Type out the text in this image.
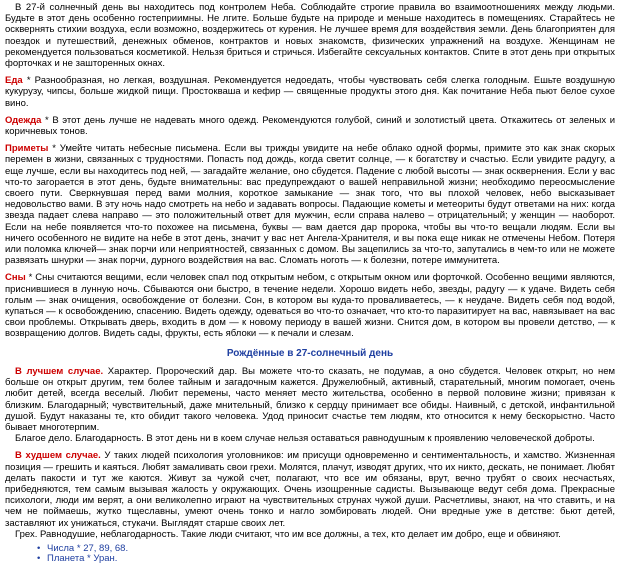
В 27-й солнечный день вы находитесь под контролем Неба. Соблюдайте строгие правила во взаимоотношениях между людьми. Будьте в этот день особенно гостеприимны. Не лгите. Больше будьте на природе и меньше находитесь в помещениях. Старайтесь не осквернять стихии воздуха, если возможно, воздержитесь от курения. Не лучшее время для воздействия земли. День благоприятен для поездок и путешествий, денежных обменов, контрактов и новых знакомств, физических упражнений на воздухе. Женщинам не рекомендуется пользоваться косметикой. Нельзя бриться и стричься. Избегайте сексуальных контактов. Спите в этот день при открытых форточках и не зашторенных окнах.

Еда * Разнообразная, но легкая, воздушная. Рекомендуется недоедать, чтобы чувствовать себя слегка голодным. Ешьте воздушную кукурузу, чипсы, больше жидкой пищи. Простокваша и кефир — священные продукты этого дня. Как почитание Неба пьют белое сухое вино.

Одежда * В этот день лучше не надевать много одежд. Рекомендуются голубой, синий и золотистый цвета. Откажитесь от зеленых и коричневых тонов.

Приметы * Умейте читать небесные письмена. Если вы трижды увидите на небе облако одной формы, примите это как знак скорых перемен в жизни, связанных с трудностями. Попасть под дождь, когда светит солнце, — к богатству и счастью. Если увидите радугу, а еще лучше, если вы находитесь под ней, — загадайте желание, оно сбудется. Падение с любой высоты — знак осквернения. Если у вас что-то загорается в этот день, будьте внимательны: вас предупреждают о вашей неправильной жизни; необходимо переосмысление своего пути. Сверкнувшая перед вами молния, короткое замыкание — знак того, что вы плохой человек, небо высказывает недовольство вами. В эту ночь надо смотреть на небо и задавать вопросы. Падающие кометы и метеориты будут ответами на них: когда звезда падает слева направо — это положительный ответ для мужчин, если справа налево – отрицательный; у женщин — наоборот. Если на небе появляется что-то похожее на письмена, буквы — вам дается дар пророка, чтобы вы что-то вещали людям. Если вы ничего особенного не видите на небе в этот день, значит у вас нет Ангела-Хранителя, и вы пока еще никак не отмечены Небом. Потеря или поломка ключей— знак порчи или неприятностей, связанных с домом. Вы зацепились за что-то, запутались в чем-то или не можете развязать шнурки — знак порчи, дурного воздействия на вас. Сломать ноготь — к болезни, потере иммунитета.

Сны * Сны считаются вещими, если человек спал под открытым небом, с открытым окном или форточкой. Особенно вещими являются, приснившиеся в лунную ночь. Сбываются они быстро, в течение недели. Хорошо видеть небо, звезды, радугу — к удаче. Видеть себя голым — знак очищения, освобождение от болезни. Сон, в котором вы куда-то проваливаетесь, — к неудаче. Видеть себя под водой, купаться — к освобождению, спасению. Видеть одежду, одеваться во что-то означает, что кто-то паразитирует на вас, навязывает на вас свои проблемы. Открывать дверь, входить в дом — к новому периоду в вашей жизни. Снится дом, в котором вы провели детство, — к возвращению долгов. Видеть сады, фрукты, есть яблоки — к печали и слезам.

Рождённые в 27-солнечный день

В лучшем случае. Характер. Пророческий дар. Вы можете что-то сказать, не подумав, а оно сбудется. Человек открыт, но нем больше он открыт другим, тем более тайным и загадочным кажется. Дружелюбный, активный, старательный, многим помогает, очень любит детей, всегда веселый. Любит перемены, часто меняет место жительства, особенно в первой половине жизни; привязан к близким. Благодарный; чувствительный, даже мнительный, близко к сердцу принимает все обиды. Наивный, с детской, инфантильной душой. Будут наказаны те, кто обидит такого человека. Удод приносит счастье тем людям, кто относится к нему бескорыстно. Часто бывает многотерпим.

Благое дело. Благодарность. В этот день ни в коем случае нельзя оставаться равнодушным к проявлению человеческой доброты.

В худшем случае. У таких людей психология уголовников: им присущи одновременно и сентиментальность, и хамство. Жизненная позиция — грешить и каяться. Любят замаливать свои грехи. Молятся, плачут, изводят других, что их никто, дескать, не понимает. Любят делать пакости и тут же каются. Живут за чужой счет, полагают, что все им обязаны, врут, вечно трубят о своих несчастьях, прибедняются, тем самым вызывая жалость у окружающих. Очень изощренные садисты. Вызывающе ведут себя дома. Прекрасные психологи, люди им верят, а они великолепно играют на чувствительных струнах чужой души. Расчетливы, знают, на что ставить, и на чем не поймаешь, жутко тщеславны, умеют очень тонко и нагло зомбировать людей. Они вредные уже в детстве: бьют детей, заставляют их унижаться, стукачи. Выглядят старше своих лет.

Грех. Равнодушие, неблагодарность. Такие люди считают, что им все должны, а тех, кто делает им добро, еще и обвиняют.

• Числа * 27, 89, 68.
• Планета * Уран.
